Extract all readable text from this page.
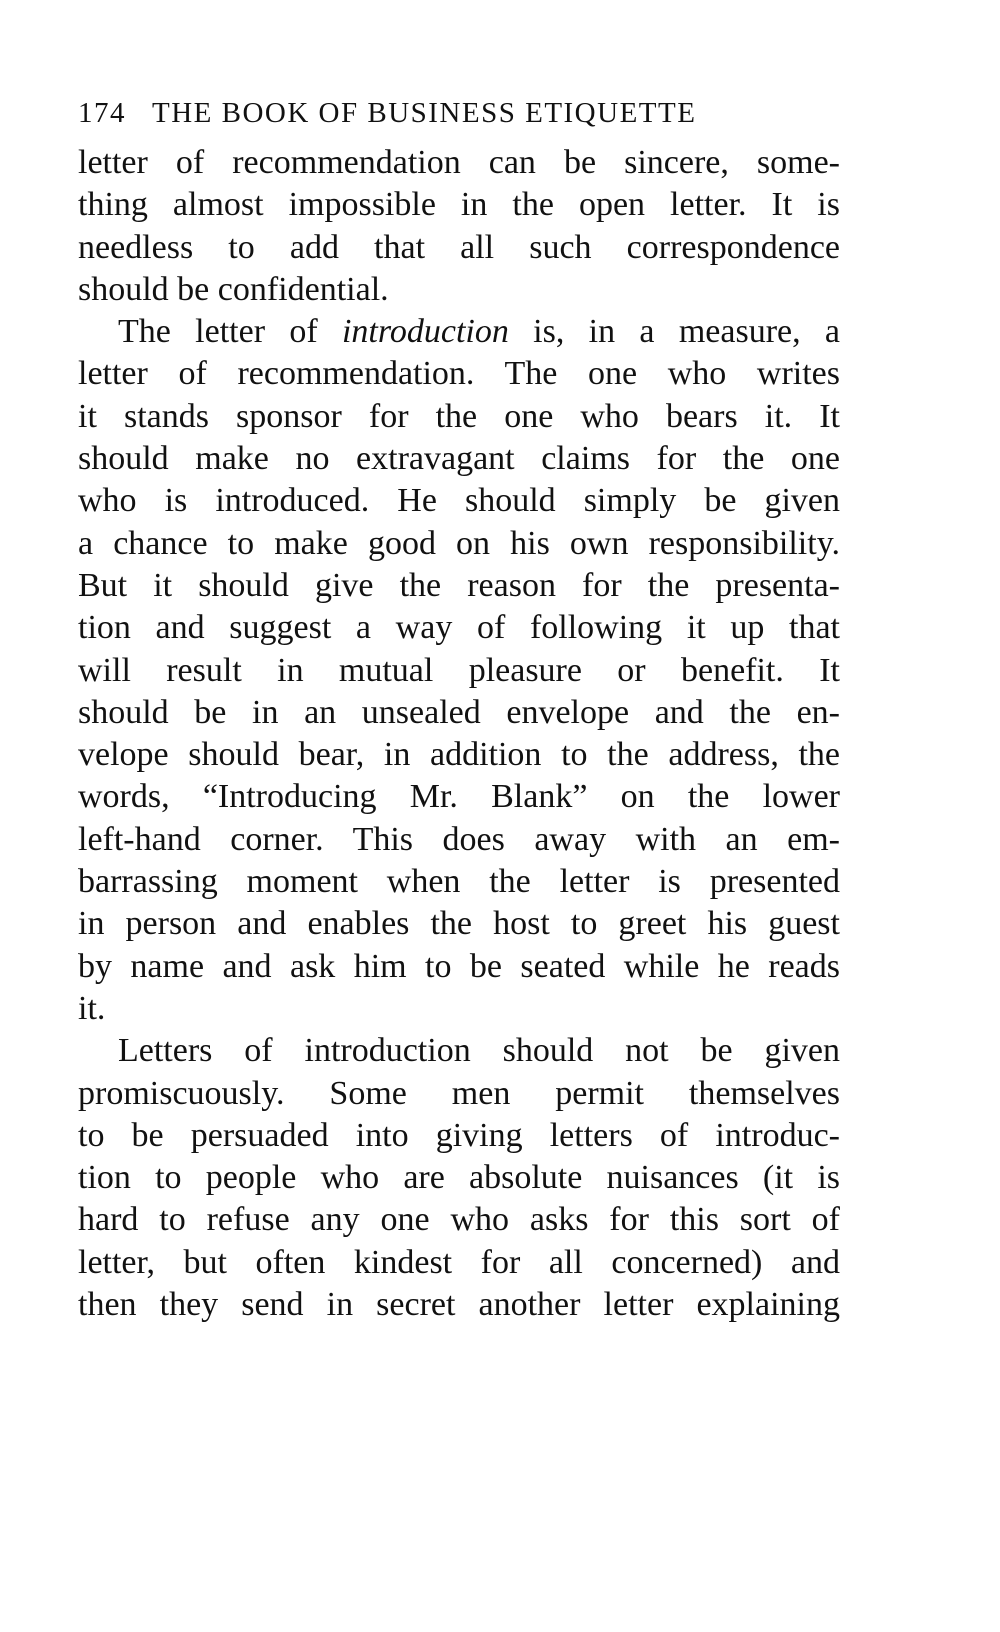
174 THE BOOK OF BUSINESS ETIQUETTE
letter of recommendation can be sincere, some-
thing almost impossible in the open letter. It is
needless to add that all such correspondence
should be confidential.
The letter of introduction is, in a measure, a
letter of recommendation. The one who writes
it stands sponsor for the one who bears it. It
should make no extravagant claims for the one
who is introduced. He should simply be given
a chance to make good on his own responsibility.
But it should give the reason for the presenta-
tion and suggest a way of following it up that
will result in mutual pleasure or benefit. It
should be in an unsealed envelope and the en-
velope should bear, in addition to the address, the
words, “Introducing Mr. Blank” on the lower
left-hand corner. This does away with an em-
barrassing moment when the letter is presented
in person and enables the host to greet his guest
by name and ask him to be seated while he reads
it.
Letters of introduction should not be given
promiscuously. Some men permit themselves
to be persuaded into giving letters of introduc-
tion to people who are absolute nuisances (it is
hard to refuse any one who asks for this sort of
letter, but often kindest for all concerned) and
then they send in secret another letter explaining
